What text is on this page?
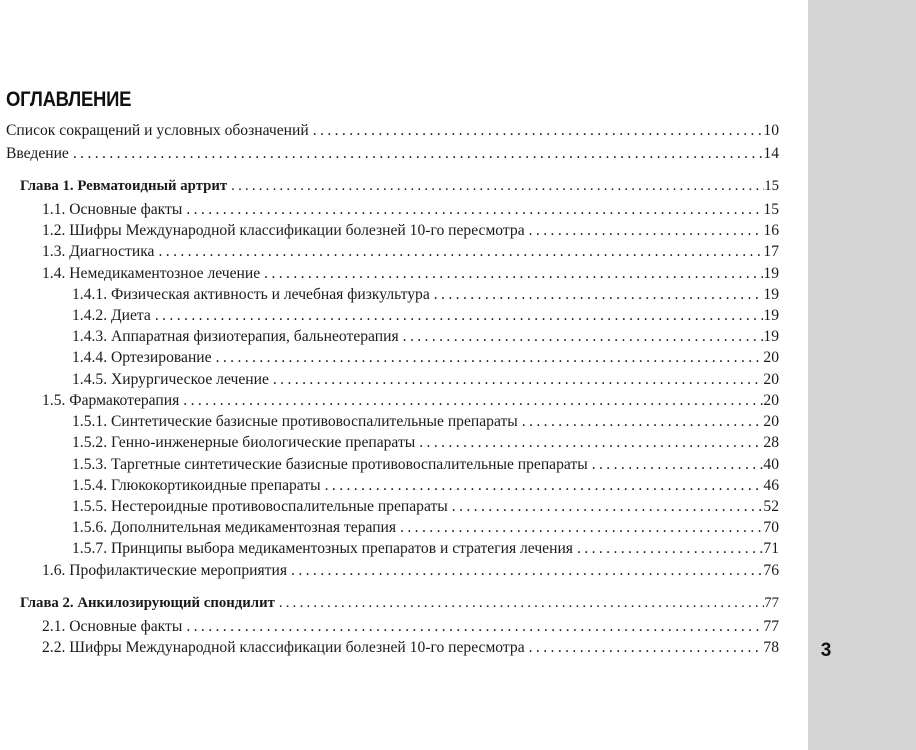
ОГЛАВЛЕНИЕ
Список сокращений и условных обозначений . . .	10
Введение . . .	14
Глава 1. Ревматоидный артрит . . .	15
1.1. Основные факты . . .	15
1.2. Шифры Международной классификации болезней 10-го пересмотра . . .	16
1.3. Диагностика . . .	17
1.4. Немедикаментозное лечение . . .	19
1.4.1. Физическая активность и лечебная физкультура . . .	19
1.4.2. Диета . . .	19
1.4.3. Аппаратная физиотерапия, бальнеотерапия . . .	19
1.4.4. Ортезирование . . .	20
1.4.5. Хирургическое лечение . . .	20
1.5. Фармакотерапия . . .	20
1.5.1. Синтетические базисные противовоспалительные препараты . . .	20
1.5.2. Генно-инженерные биологические препараты . . .	28
1.5.3. Таргетные синтетические базисные противовоспалительные препараты . . .	40
1.5.4. Глюкокортикоидные препараты . . .	46
1.5.5. Нестероидные противовоспалительные препараты . . .	52
1.5.6. Дополнительная медикаментозная терапия . . .	70
1.5.7. Принципы выбора медикаментозных препаратов и стратегия лечения . . .	71
1.6. Профилактические мероприятия . . .	76
Глава 2. Анкилозирующий спондилит . . .	77
2.1. Основные факты . . .	77
2.2. Шифры Международной классификации болезней 10-го пересмотра . . .	78	3
